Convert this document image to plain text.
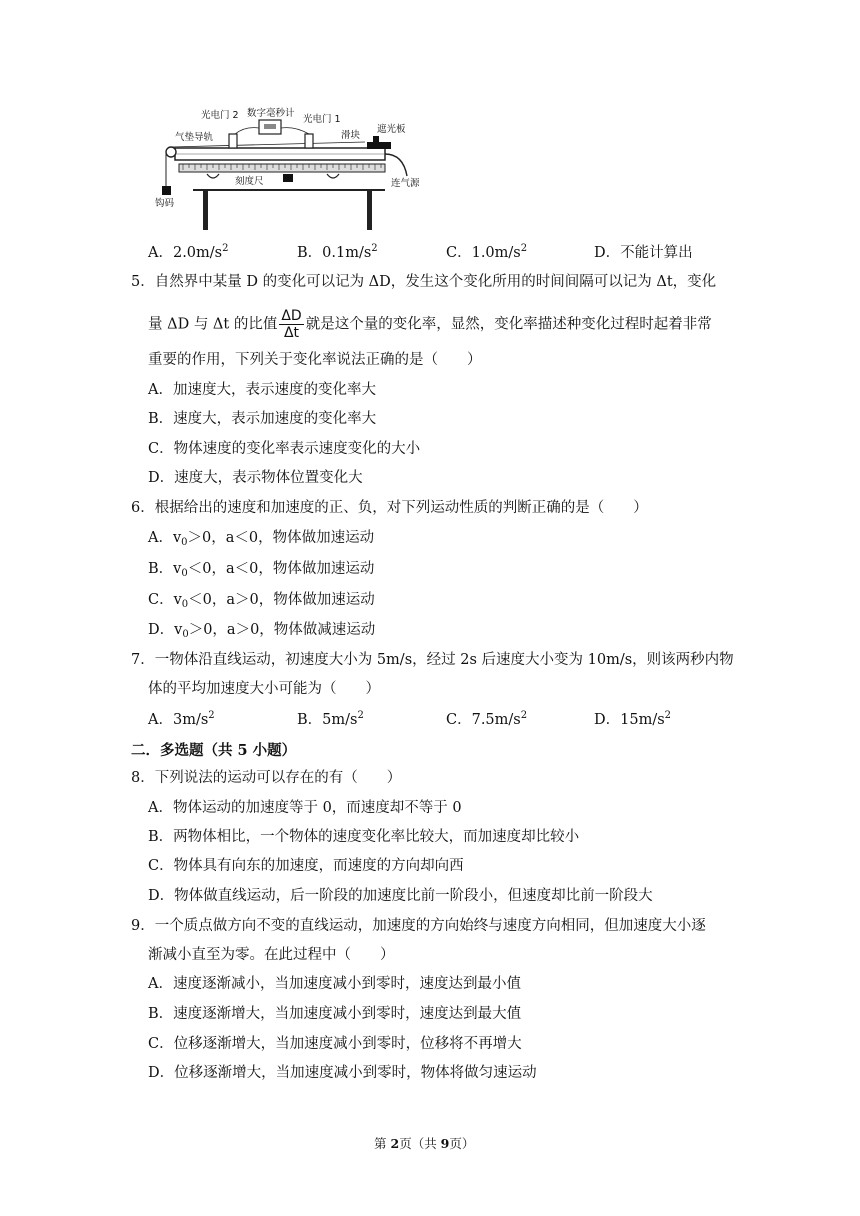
光电门 2 数字毫秒计
光电门 1
气垫导轨	滑块
遮光板
刻度尺
钩码
连气源
A．$2.0m/s^2$	B．$0.1m/s^2$	C．$1.0m/s^2$	D．不能计算出
5．自然界中某量 D 的变化可以记为 ΔD，发生这个变化所用的时间间隔可以记为 Δt，变化
量 ΔD 与 Δt 的比值 $\frac{\Delta D}{\Delta t}$ 就是这个量的变化率，显然，变化率描述种变化过程时起着非常
重要的作用，下列关于变化率说法正确的是（　　）
A．加速度大，表示速度的变化率大
B．速度大，表示加速度的变化率大
C．物体速度的变化率表示速度变化的大小
D．速度大，表示物体位置变化大
6．根据给出的速度和加速度的正、负，对下列运动性质的判断正确的是（　　）
A．$v_0>0$，a＜0，物体做加速运动
B．$v_0<0$，a＜0，物体做加速运动
C．$v_0<0$，a＞0，物体做加速运动
D．$v_0>0$，a＞0，物体做减速运动
7．一物体沿直线运动，初速度大小为 5m/s，经过 2s 后速度大小变为 10m/s，则该两秒内物
体的平均加速度大小可能为（　　）
A．$3m/s^2$	B．$5m/s^2$	C．$7.5m/s^2$	D．$15m/s^2$
二．多选题（共 5 小题）
8．下列说法的运动可以存在的有（　　）
A．物体运动的加速度等于 0，而速度却不等于 0
B．两物体相比，一个物体的速度变化率比较大，而加速度却比较小
C．物体具有向东的加速度，而速度的方向却向西
D．物体做直线运动，后一阶段的加速度比前一阶段小，但速度却比前一阶段大
9．一个质点做方向不变的直线运动，加速度的方向始终与速度方向相同，但加速度大小逐
渐减小直至为零。在此过程中（　　）
A．速度逐渐减小，当加速度减小到零时，速度达到最小值
B．速度逐渐增大，当加速度减小到零时，速度达到最大值
C．位移逐渐增大，当加速度减小到零时，位移将不再增大
D．位移逐渐增大，当加速度减小到零时，物体将做匀速运动
第 2页（共 9页）
